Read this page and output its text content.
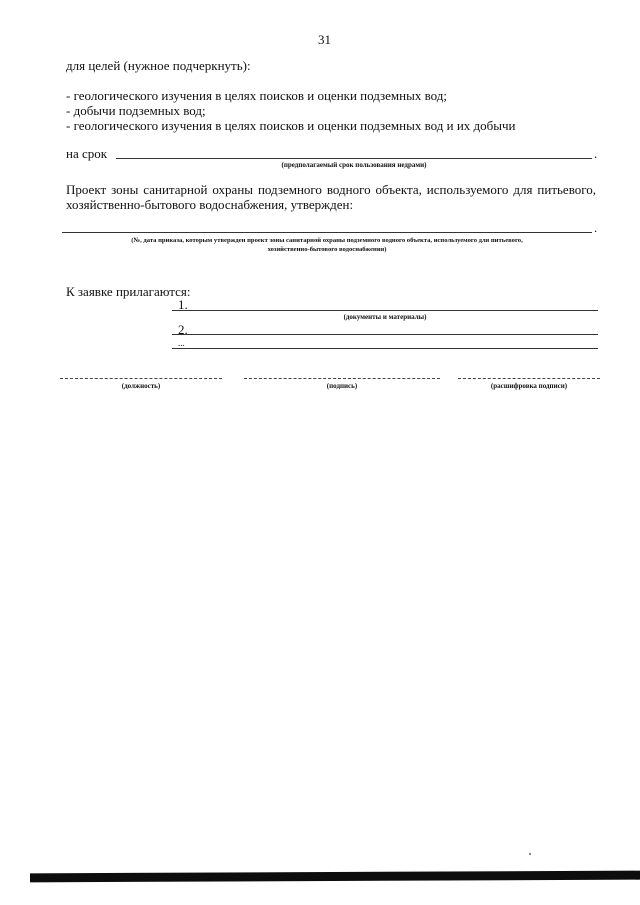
31
для целей (нужное подчеркнуть):
- геологического изучения в целях поисков и оценки подземных вод;
- добычи подземных вод;
- геологического изучения в целях поисков и оценки подземных вод и их добычи
на срок	.
(предполагаемый срок пользования недрами)
Проект зоны санитарной охраны подземного водного объекта, используемого для питьевого,
хозяйственно-бытового водоснабжения, утвержден:
.
(№, дата приказа, которым утвержден проект зоны санитарной охраны подземного водного объекта, используемого для питьевого,
хозяйственно-бытового водоснабжения)
К заявке прилагаются:
1.
(документы и материалы)
2.
...
(должность)	(подпись)	(расшифровка подписи)
